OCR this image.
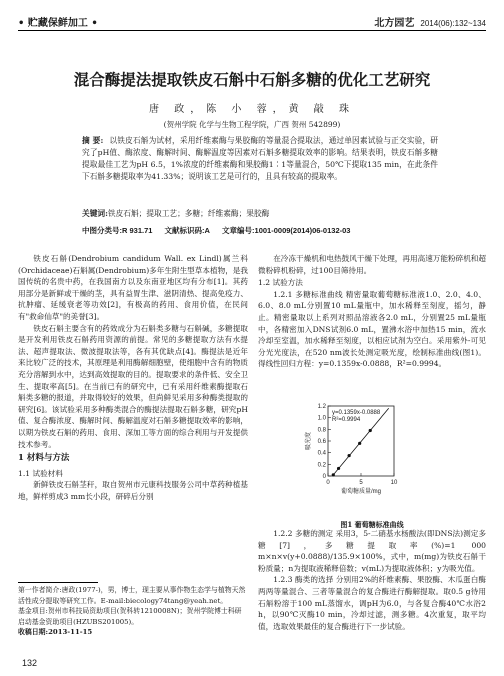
• 贮藏保鲜加工 •	北方园艺 2014(06):132~134
混合酶提法提取铁皮石斛中石斛多糖的优化工艺研究
唐 政，陈 小 蓉，黄 敲 珠
(贺州学院 化学与生物工程学院，广西 贺州 542899)
摘 要: 以铁皮石斛为试材，采用纤维素酶与果胶酶的等量混合提取法，通过单因素试验与正交实验，研究了pH值、酶浓度、酶解时间、酶解温度等因素对石斛多糖提取效率的影响。结果表明，铁皮石斛多糖提取最佳工艺为pH 6.5，1%浓度的纤维素酶和果胶酶1∶1等量混合，50℃下提取135 min，在此条件下石斛多糖提取率为41.33%；说明该工艺是可行的，且具有较高的提取率。
关键词:铁皮石斛；提取工艺；多糖；纤维素酶；果胶酶
中图分类号:R 931.71 文献标识码:A 文章编号:1001-0009(2014)06-0132-03

铁皮石斛(Dendrobium candidum Wall. ex Lindl)属兰科(Orchidaceae)石斛属(Dendrobium)多年生附生型草本植物，是我国传统的名贵中药，在我国南方以及东南亚地区均有分布[1]。其药用部分是新鲜或干燥的茎，具有益胃生津、滋阴清热、提高免疫力、抗肿瘤、延缓衰老等功效[2]，有极高的药用、食用价值，在民间有"救命仙草"的美誉[3]。

铁皮石斛主要含有的药效成分为石斛类多糖与石斛碱，多糖提取是开发利用铁皮石斛药用资源的前提。常见的多糖提取方法有水提法、超声提取法、微波提取法等，各有其优缺点[4]。酶提法是近年来比较广泛的技术，其原理是利用酶解细胞壁，使细胞中含有的物质充分溶解到水中，达到高效提取的目的。提取要求的条件低、安全卫生、提取率高[5]。在当前已有的研究中，已有采用纤维素酶提取石斛类多糖的报道，并取得较好的效果，但尚鲜见采用多种酶类提取的研究[6]。该试验采用多种酶类混合的酶提法提取石斛多糖，研究pH值、复合酶浓度、酶解时间、酶解温度对石斛多糖提取效率的影响，以期为铁皮石斛的药用、食用、深加工等方面的综合利用与开发提供技术参考。

1 材料与方法

1.1 试验材料

新鲜铁皮石斛茎秆，取自贺州市元康科技服务公司中草药种植基地，鲜样剪成3 mm长小段，研碎后分别

第一作者简介:唐政(1977-)，男，博士，现主要从事作物生态学与植物天然活性成分提取等研究工作。E-mail:biecology74tang@yeah.net。

基金项目:贺州市科技局资助项目(贺科转1210008N)；贺州学院博士科研启动基金资助项目(HZUBS201005)。

收稿日期:2013-11-15

在冷冻干燥机和电热鼓风干燥下处理，再用高速万能粉碎机和超微粉碎机粉碎，过100目筛待用。

1.2 试验方法

1.2.1 多糖标准曲线 精密量取葡萄糖标准液1.0、2.0、4.0、6.0、8.0 mL分别置10 mL量瓶中，加水稀释至刻度，摇匀，静止。精密量取以上系列对照品溶液各2.0 mL，分别置25 mL量瓶中，各精密加入DNS试剂6.0 mL，置沸水浴中加热15 min，流水冷却至室温，加水稀释至刻度，以相应试剂为空白。采用紫外-可见分光光度法，在520 nm波长处测定吸光度，绘制标准曲线(图1)。得线性回归方程：y=0.1359x-0.0888，R²=0.9994。

0
0.2
0.4
0.6
0.8
1.0
1.2
0	5	10
y=0.1359x-0.0888
R²=0.9994
吸光度
葡萄糖质量/mg
图1 葡萄糖标准曲线

1.2.2 多糖的测定 采用3，5-二硝基水杨酸法(即DNS法)测定多糖[7]，多糖提取率(%)=1 000 m×n×v(y+0.0888)/135.9×100%，式中，m(mg)为铁皮石斛干粉质量；n为提取液稀释倍数；v(mL)为提取液体积；y为吸光值。

1.2.3 酶类的选择 分别用2%的纤维素酶、果胶酶、木瓜蛋白酶两两等量混合、三者等量混合的复合酶进行酶解提取。取0.5 g待用石斛粉溶于100 mL蒸馏水，调pH为6.0，与各复合酶40℃水浴2 h，以90℃灭酶10 min，冷却过滤，测多糖。4次重复，取平均值，选取效果最佳的复合酶进行下一步试验。

132
